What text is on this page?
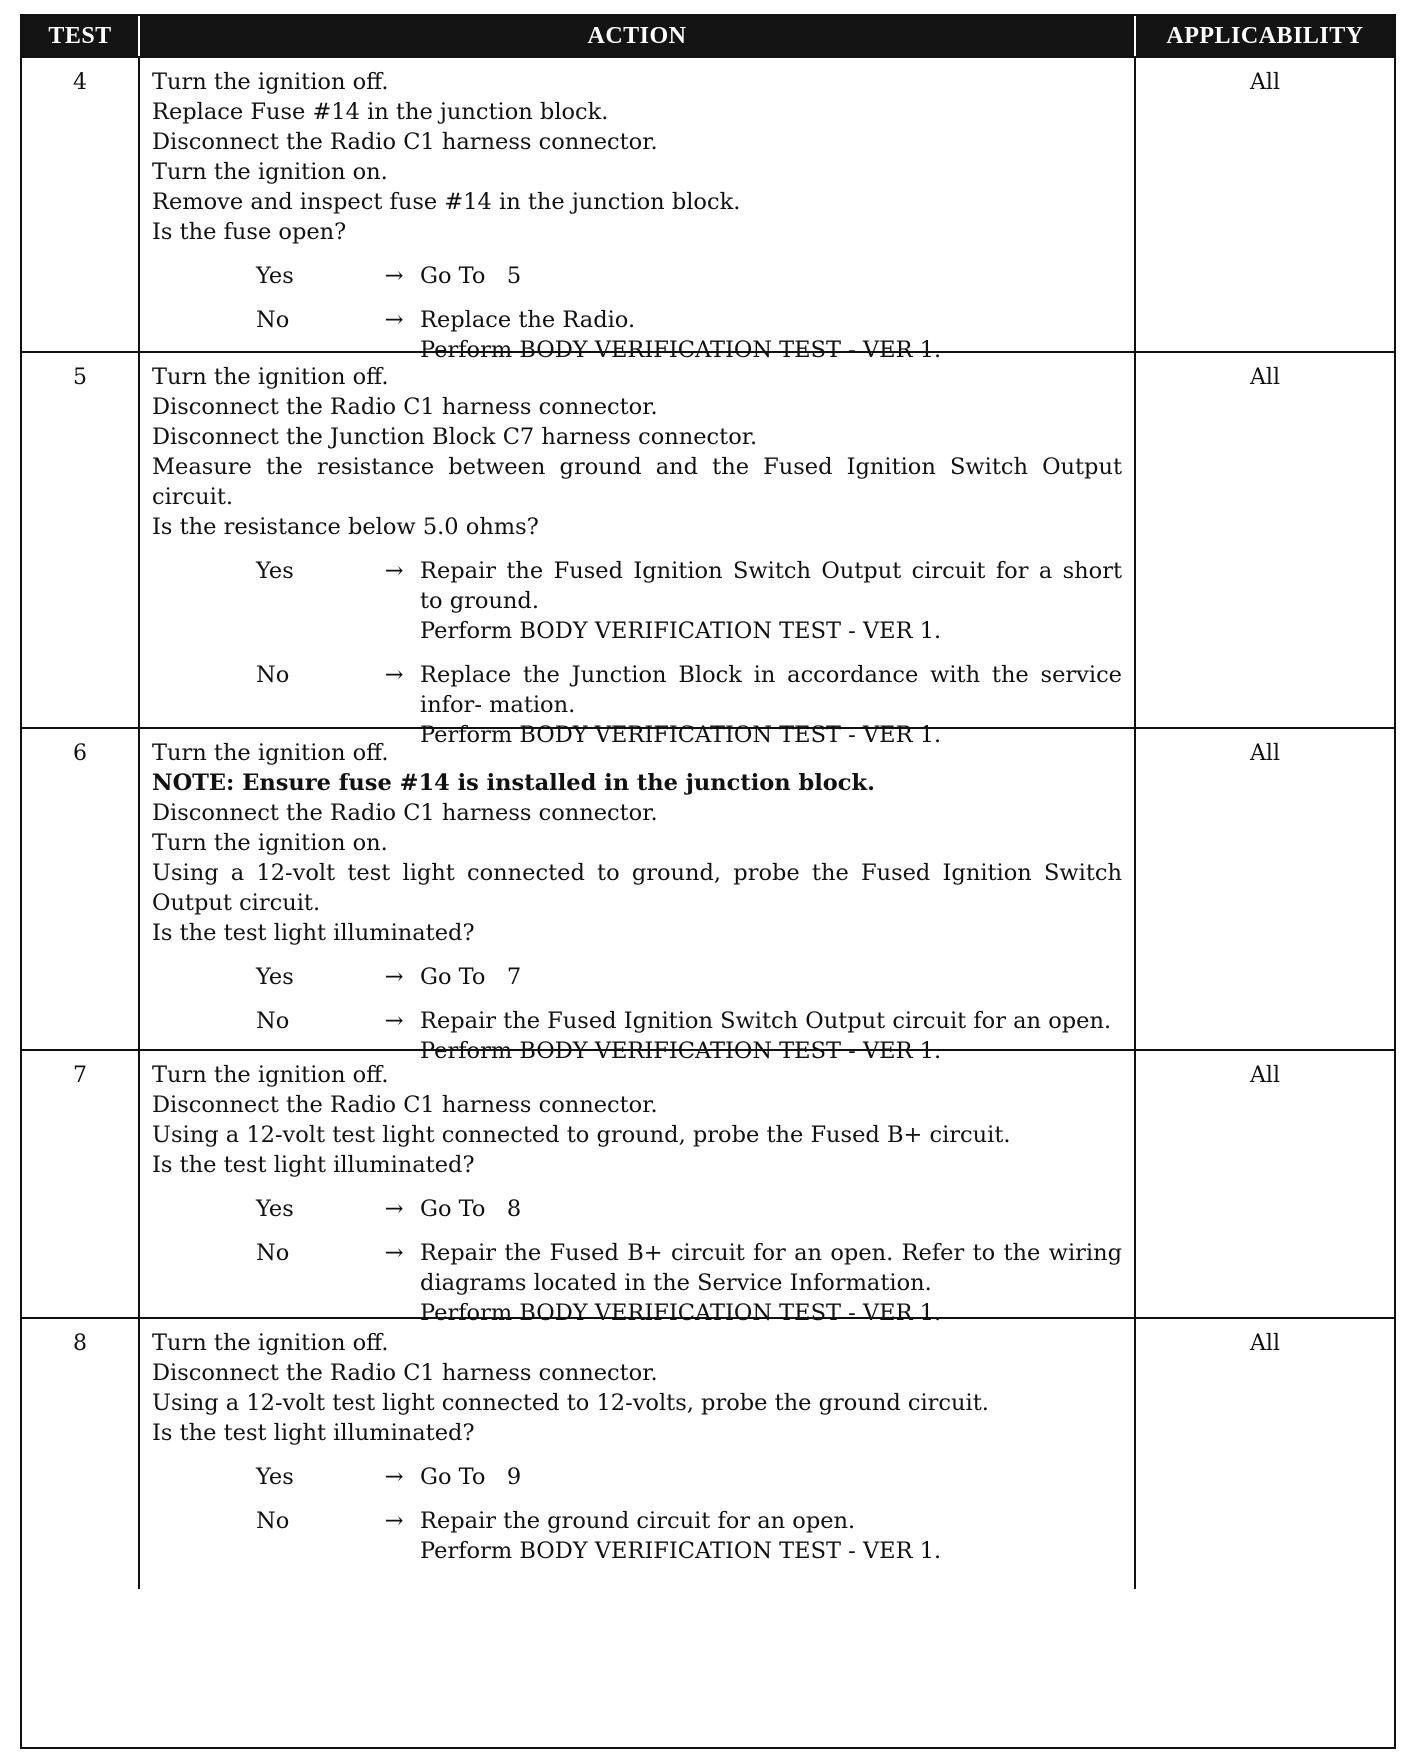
TEST	ACTION	APPLICABILITY
4	Turn the ignition off.
Replace Fuse #14 in the junction block.
Disconnect the Radio C1 harness connector.
Turn the ignition on.
Remove and inspect fuse #14 in the junction block.
Is the fuse open?
Yes	→ Go To   5
No	→ Replace the Radio.
Perform BODY VERIFICATION TEST - VER 1.
All
5	Turn the ignition off.
Disconnect the Radio C1 harness connector.
Disconnect the Junction Block C7 harness connector.
Measure the resistance between ground and the Fused Ignition Switch Output circuit.
Is the resistance below 5.0 ohms?
Yes	→ Repair the Fused Ignition Switch Output circuit for a short to ground.
Perform BODY VERIFICATION TEST - VER 1.
No	→ Replace the Junction Block in accordance with the service infor- mation.
Perform BODY VERIFICATION TEST - VER 1.
All
6	Turn the ignition off.
NOTE: Ensure fuse #14 is installed in the junction block.
Disconnect the Radio C1 harness connector.
Turn the ignition on.
Using a 12-volt test light connected to ground, probe the Fused Ignition Switch Output circuit.
Is the test light illuminated?
Yes	→ Go To   7
No	→ Repair the Fused Ignition Switch Output circuit for an open.
Perform BODY VERIFICATION TEST - VER 1.
All
7	Turn the ignition off.
Disconnect the Radio C1 harness connector.
Using a 12-volt test light connected to ground, probe the Fused B+ circuit.
Is the test light illuminated?
Yes	→ Go To   8
No	→ Repair the Fused B+ circuit for an open. Refer to the wiring diagrams located in the Service Information.
Perform BODY VERIFICATION TEST - VER 1.
All
8	Turn the ignition off.
Disconnect the Radio C1 harness connector.
Using a 12-volt test light connected to 12-volts, probe the ground circuit.
Is the test light illuminated?
Yes	→ Go To   9
No	→ Repair the ground circuit for an open.
Perform BODY VERIFICATION TEST - VER 1.
All
